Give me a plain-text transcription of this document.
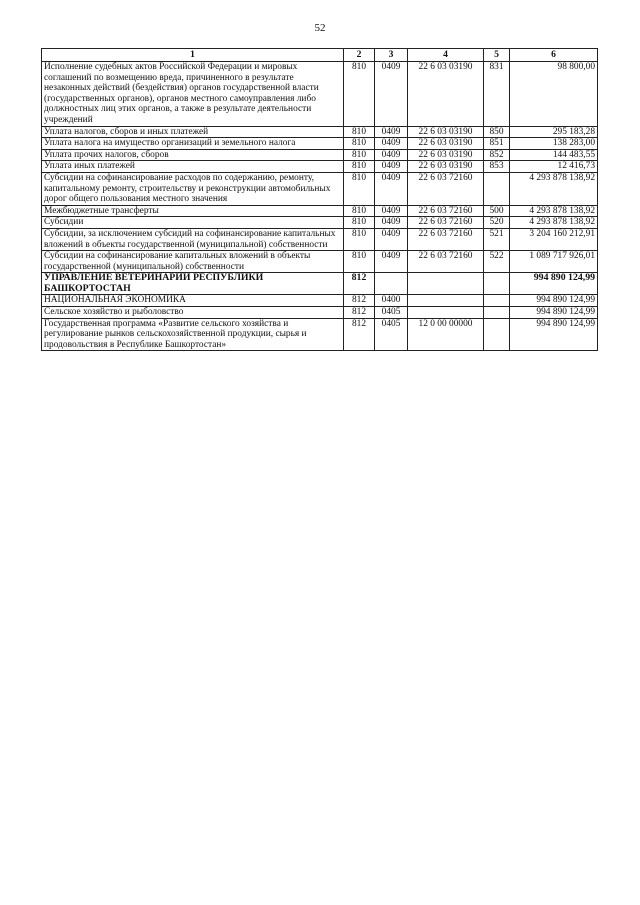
52
1	2	3	4	5	6
Исполнение судебных актов Российской Федерации и мировых соглашений по возмещению вреда, причиненного в результате незаконных действий (бездействия) органов государственной власти (государственных органов), органов местного самоуправления либо должностных лиц этих органов, а также в результате деятельности учреждений	810	0409	22 6 03 03190	831	98 800,00
Уплата налогов, сборов и иных платежей	810	0409	22 6 03 03190	850	295 183,28
Уплата налога на имущество организаций и земельного налога	810	0409	22 6 03 03190	851	138 283,00
Уплата прочих налогов, сборов	810	0409	22 6 03 03190	852	144 483,55
Уплата иных платежей	810	0409	22 6 03 03190	853	12 416,73
Субсидии на софинансирование расходов по содержанию, ремонту, капитальному ремонту, строительству и реконструкции автомобильных дорог общего пользования местного значения	810	0409	22 6 03 72160		4 293 878 138,92
Межбюджетные трансферты	810	0409	22 6 03 72160	500	4 293 878 138,92
Субсидии	810	0409	22 6 03 72160	520	4 293 878 138,92
Субсидии, за исключением субсидий на софинансирование капитальных вложений в объекты государственной (муниципальной) собственности	810	0409	22 6 03 72160	521	3 204 160 212,91
Субсидии на софинансирование капитальных вложений в объекты государственной (муниципальной) собственности	810	0409	22 6 03 72160	522	1 089 717 926,01
УПРАВЛЕНИЕ ВЕТЕРИНАРИИ РЕСПУБЛИКИ БАШКОРТОСТАН	812				994 890 124,99
НАЦИОНАЛЬНАЯ ЭКОНОМИКА	812	0400			994 890 124,99
Сельское хозяйство и рыболовство	812	0405			994 890 124,99
Государственная программа «Развитие сельского хозяйства и регулирование рынков сельскохозяйственной продукции, сырья и продовольствия в Республике Башкортостан»	812	0405	12 0 00 00000		994 890 124,99
